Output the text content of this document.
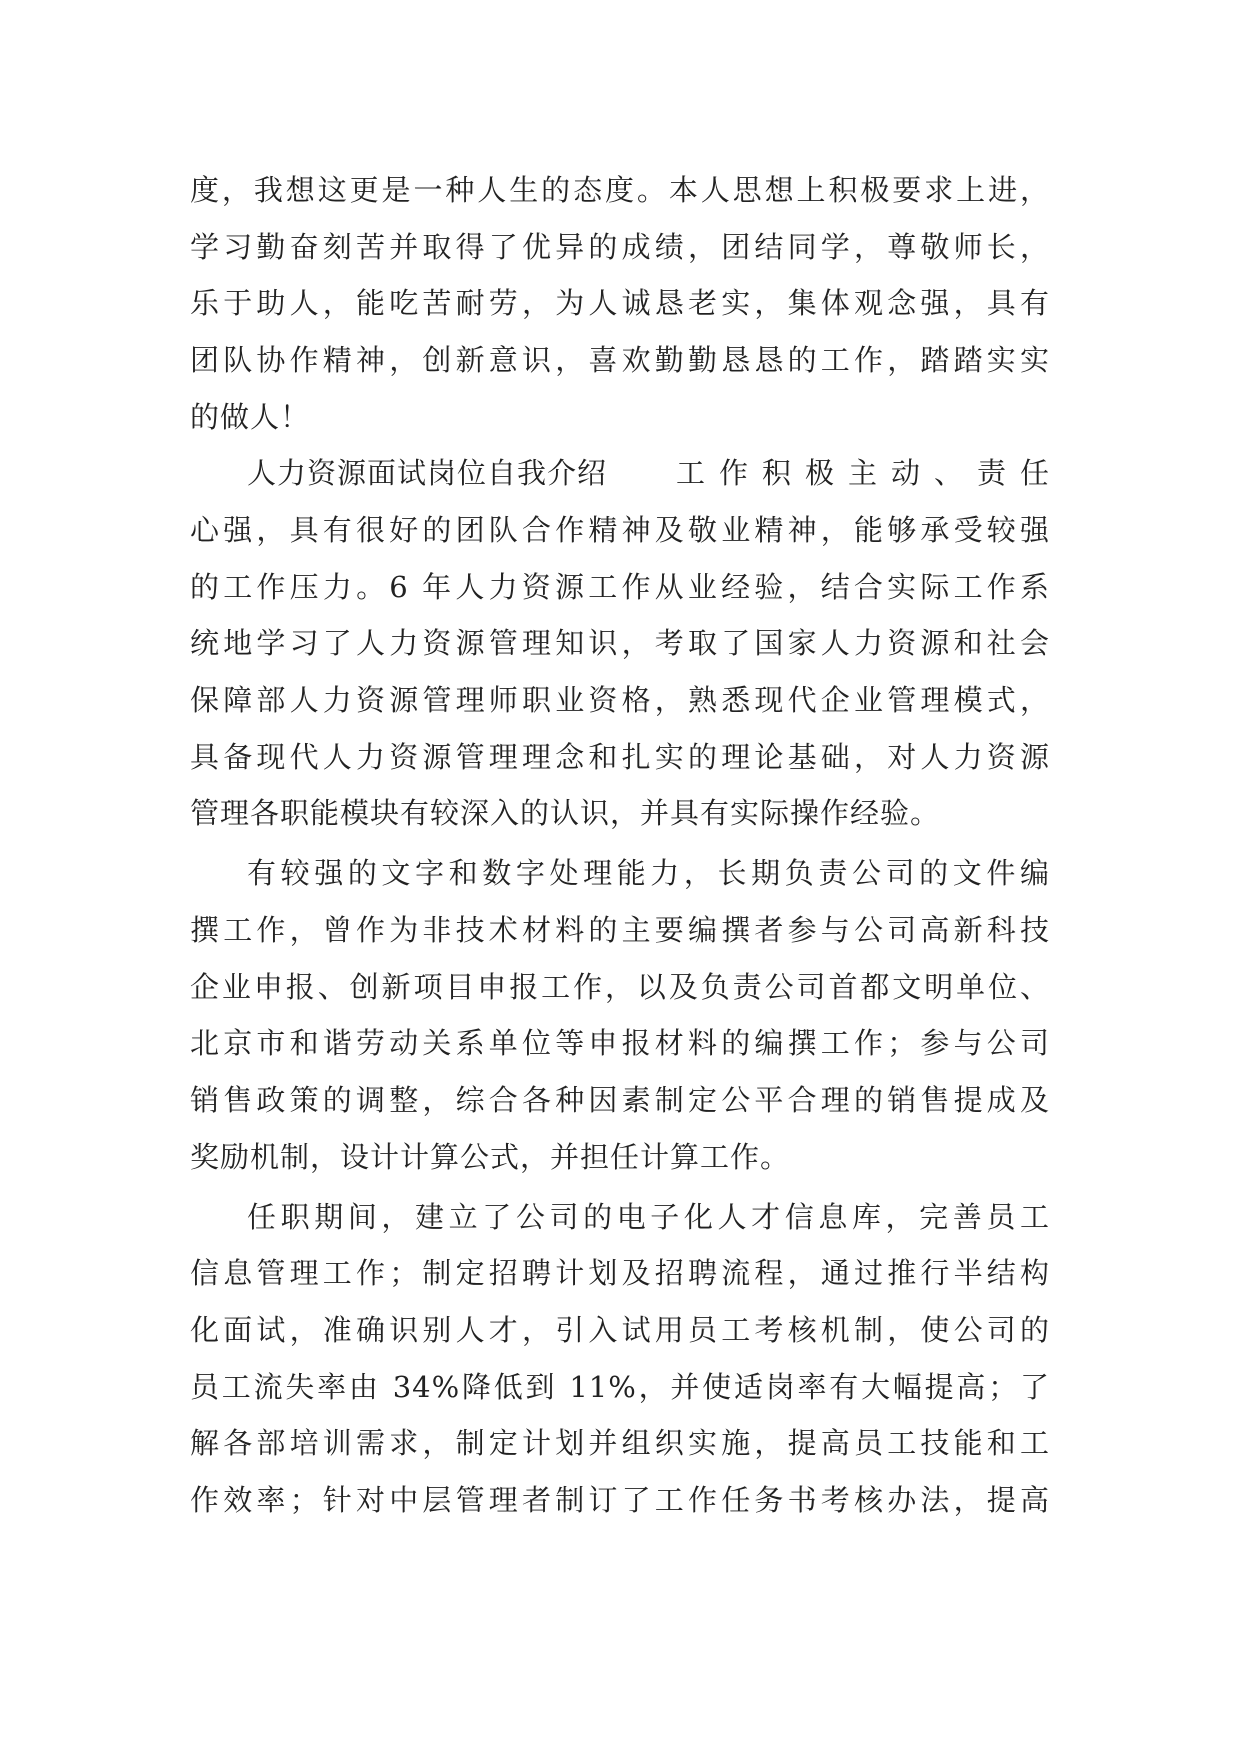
度，我想这更是一种人生的态度。本人思想上积极要求上进，
学习勤奋刻苦并取得了优异的成绩，团结同学，尊敬师长，
乐于助人，能吃苦耐劳，为人诚恳老实，集体观念强，具有
团队协作精神，创新意识，喜欢勤勤恳恳的工作，踏踏实实
的做人！
人力资源面试岗位自我介绍	工作积极主动、责任
心强，具有很好的团队合作精神及敬业精神，能够承受较强
的工作压力。6 年人力资源工作从业经验，结合实际工作系
统地学习了人力资源管理知识，考取了国家人力资源和社会
保障部人力资源管理师职业资格，熟悉现代企业管理模式，
具备现代人力资源管理理念和扎实的理论基础，对人力资源
管理各职能模块有较深入的认识，并具有实际操作经验。
有较强的文字和数字处理能力，长期负责公司的文件编
撰工作，曾作为非技术材料的主要编撰者参与公司高新科技
企业申报、创新项目申报工作，以及负责公司首都文明单位、
北京市和谐劳动关系单位等申报材料的编撰工作；参与公司
销售政策的调整，综合各种因素制定公平合理的销售提成及
奖励机制，设计计算公式，并担任计算工作。
任职期间，建立了公司的电子化人才信息库，完善员工
信息管理工作；制定招聘计划及招聘流程，通过推行半结构
化面试，准确识别人才，引入试用员工考核机制，使公司的
员工流失率由 34%降低到 11%，并使适岗率有大幅提高；了
解各部培训需求，制定计划并组织实施，提高员工技能和工
作效率；针对中层管理者制订了工作任务书考核办法，提高
